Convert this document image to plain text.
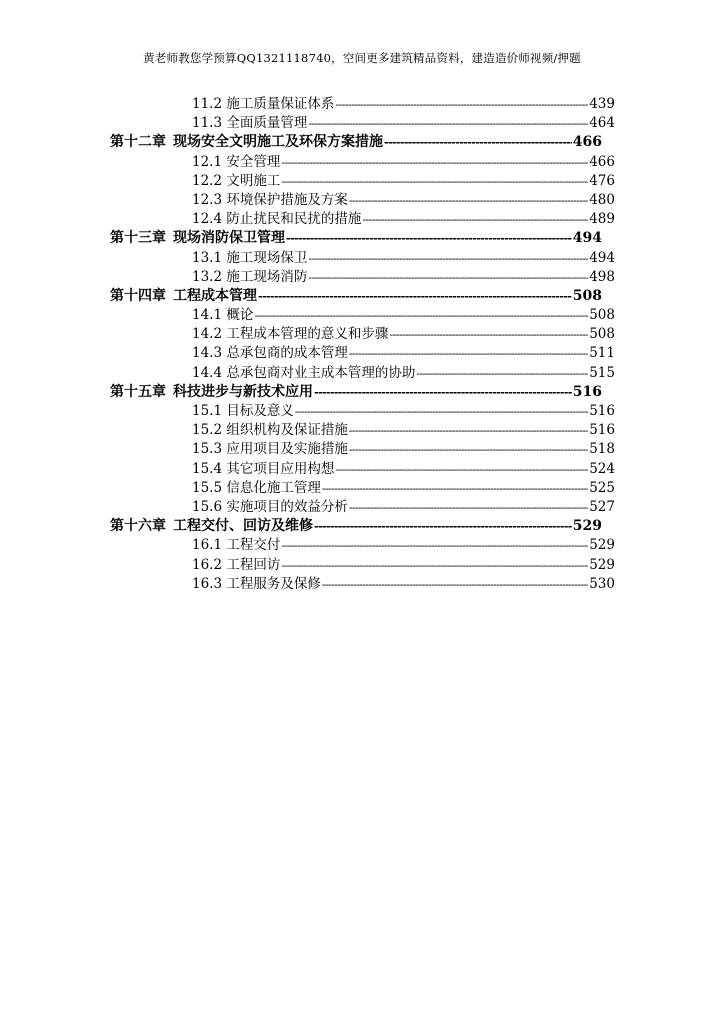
黄老师教您学预算QQ1321118740，空间更多建筑精品资料，建造造价师视频/押题
11.2 施工质量保证体系 -----	439
11.3 全面质量管理 -----	464
第十二章 现场安全文明施工及环保方案措施 -----	466
12.1 安全管理 -----	466
12.2 文明施工 -----	476
12.3 环境保护措施及方案 -----	480
12.4 防止扰民和民扰的措施 -----	489
第十三章 现场消防保卫管理 -----	494
13.1 施工现场保卫 -----	494
13.2 施工现场消防 -----	498
第十四章 工程成本管理 -----	508
14.1 概论 -----	508
14.2 工程成本管理的意义和步骤 -----	508
14.3 总承包商的成本管理 -----	511
14.4 总承包商对业主成本管理的协助 -----	515
第十五章 科技进步与新技术应用 -----	516
15.1 目标及意义 -----	516
15.2 组织机构及保证措施 -----	516
15.3 应用项目及实施措施 -----	518
15.4 其它项目应用构想 -----	524
15.5 信息化施工管理 -----	525
15.6 实施项目的效益分析 -----	527
第十六章 工程交付、回访及维修 -----	529
16.1 工程交付 -----	529
16.2 工程回访 -----	529
16.3 工程服务及保修 -----	530
